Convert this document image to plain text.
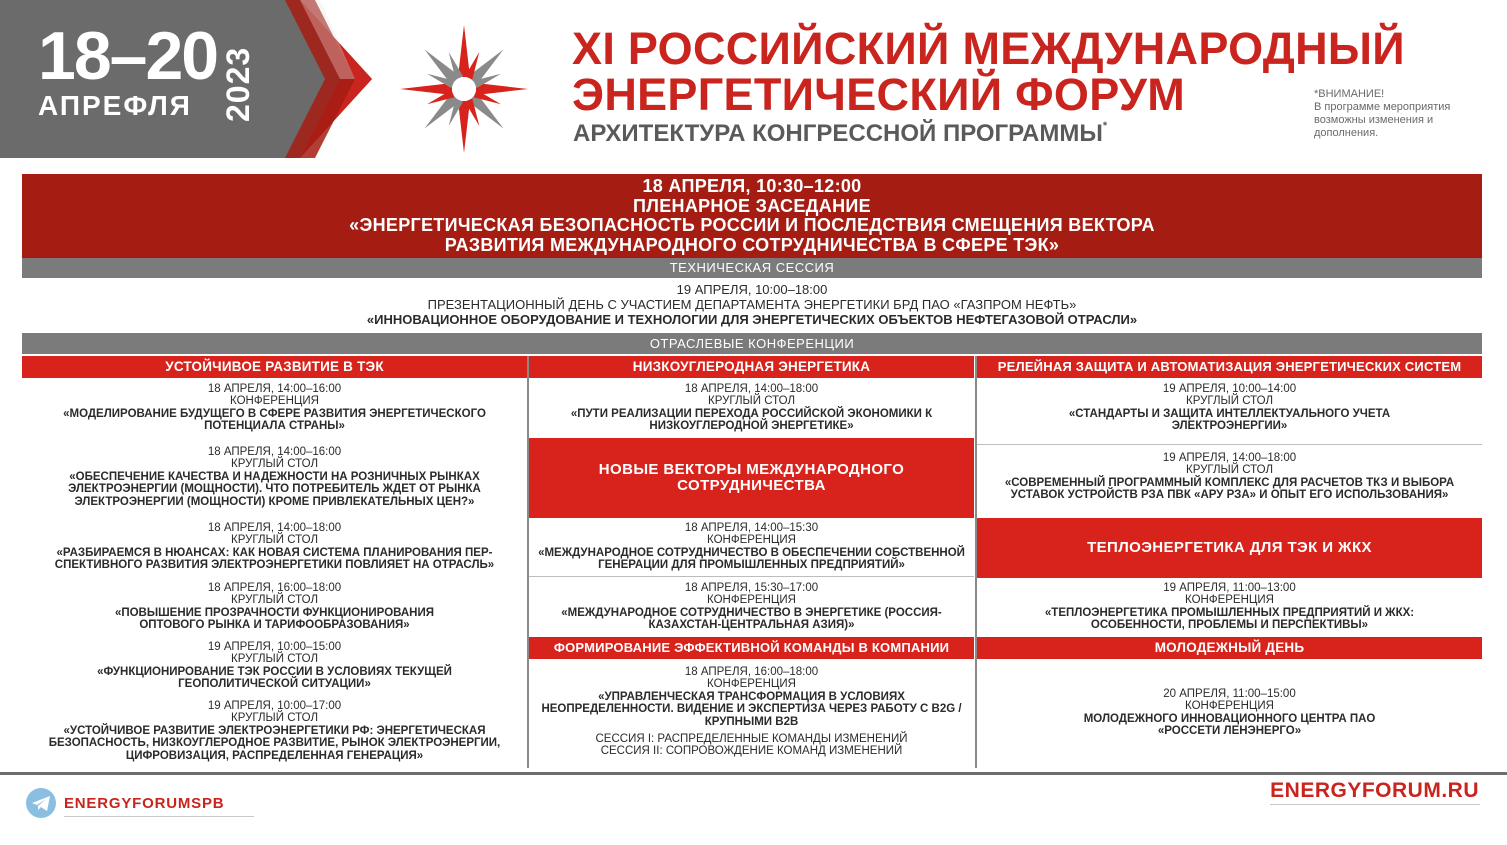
18–20
АПРЕФЛЯ 2023	XI РОССИЙСКИЙ МЕЖДУНАРОДНЫЙ
ЭНЕРГЕТИЧЕСКИЙ ФОРУМ
АРХИТЕКТУРА КОНГРЕССНОЙ ПРОГРАММЫ*
*ВНИМАНИЕ!
В программе мероприятия возможны изменения и дополнения.
18 АПРЕЛЯ, 10:30–12:00
ПЛЕНАРНОЕ ЗАСЕДАНИЕ
«ЭНЕРГЕТИЧЕСКАЯ БЕЗОПАСНОСТЬ РОССИИ И ПОСЛЕДСТВИЯ СМЕЩЕНИЯ ВЕКТОРА
РАЗВИТИЯ МЕЖДУНАРОДНОГО СОТРУДНИЧЕСТВА В СФЕРЕ ТЭК»
ТЕХНИЧЕСКАЯ СЕССИЯ
19 АПРЕЛЯ, 10:00–18:00
ПРЕЗЕНТАЦИОННЫЙ ДЕНЬ С УЧАСТИЕМ ДЕПАРТАМЕНТА ЭНЕРГЕТИКИ БРД ПАО «ГАЗПРОМ НЕФТЬ»
«ИННОВАЦИОННОЕ ОБОРУДОВАНИЕ И ТЕХНОЛОГИИ ДЛЯ ЭНЕРГЕТИЧЕСКИХ ОБЪЕКТОВ НЕФТЕГАЗОВОЙ ОТРАСЛИ»
ОТРАСЛЕВЫЕ КОНФЕРЕНЦИИ
УСТОЙЧИВОЕ РАЗВИТИЕ В ТЭК
18 АПРЕЛЯ, 14:00–16:00
КОНФЕРЕНЦИЯ
«МОДЕЛИРОВАНИЕ БУДУЩЕГО В СФЕРЕ РАЗВИТИЯ ЭНЕРГЕТИЧЕСКОГО ПОТЕНЦИАЛА СТРАНЫ»
18 АПРЕЛЯ, 14:00–16:00
КРУГЛЫЙ СТОЛ
«ОБЕСПЕЧЕНИЕ КАЧЕСТВА И НАДЕЖНОСТИ НА РОЗНИЧНЫХ РЫНКАХ ЭЛЕКТРОЭНЕРГИИ (МОЩНОСТИ). ЧТО ПОТРЕБИТЕЛЬ ЖДЕТ ОТ РЫНКА ЭЛЕКТРОЭНЕРГИИ (МОЩНОСТИ) КРОМЕ ПРИВЛЕКАТЕЛЬНЫХ ЦЕН?»
18 АПРЕЛЯ, 14:00–18:00
КРУГЛЫЙ СТОЛ
«РАЗБИРАЕМСЯ В НЮАНСАХ: КАК НОВАЯ СИСТЕМА ПЛАНИРОВАНИЯ ПЕР-СПЕКТИВНОГО РАЗВИТИЯ ЭЛЕКТРОЭНЕРГЕТИКИ ПОВЛИЯЕТ НА ОТРАСЛЬ»
18 АПРЕЛЯ, 16:00–18:00
КРУГЛЫЙ СТОЛ
«ПОВЫШЕНИЕ ПРОЗРАЧНОСТИ ФУНКЦИОНИРОВАНИЯ ОПТОВОГО РЫНКА И ТАРИФООБРАЗОВАНИЯ»
19 АПРЕЛЯ, 10:00–15:00
КРУГЛЫЙ СТОЛ
«ФУНКЦИОНИРОВАНИЕ ТЭК РОССИИ В УСЛОВИЯХ ТЕКУЩЕЙ ГЕОПОЛИТИЧЕСКОЙ СИТУАЦИИ»
19 АПРЕЛЯ, 10:00–17:00
КРУГЛЫЙ СТОЛ
«УСТОЙЧИВОЕ РАЗВИТИЕ ЭЛЕКТРОЭНЕРГЕТИКИ РФ: ЭНЕРГЕТИЧЕСКАЯ БЕЗОПАСНОСТЬ, НИЗКОУГЛЕРОДНОЕ РАЗВИТИЕ, РЫНОК ЭЛЕКТРОЭНЕРГИИ, ЦИФРОВИЗАЦИЯ, РАСПРЕДЕЛЕННАЯ ГЕНЕРАЦИЯ»
НИЗКОУГЛЕРОДНАЯ ЭНЕРГЕТИКА
18 АПРЕЛЯ, 14:00–18:00
КРУГЛЫЙ СТОЛ
«ПУТИ РЕАЛИЗАЦИИ ПЕРЕХОДА РОССИЙСКОЙ ЭКОНОМИКИ К НИЗКОУГЛЕРОДНОЙ ЭНЕРГЕТИКЕ»
НОВЫЕ ВЕКТОРЫ МЕЖДУНАРОДНОГО СОТРУДНИЧЕСТВА
18 АПРЕЛЯ, 14:00–15:30
КОНФЕРЕНЦИЯ
«МЕЖДУНАРОДНОЕ СОТРУДНИЧЕСТВО В ОБЕСПЕЧЕНИИ СОБСТВЕННОЙ ГЕНЕРАЦИИ ДЛЯ ПРОМЫШЛЕННЫХ ПРЕДПРИЯТИЙ»
18 АПРЕЛЯ, 15:30–17:00
КОНФЕРЕНЦИЯ
«МЕЖДУНАРОДНОЕ СОТРУДНИЧЕСТВО В ЭНЕРГЕТИКЕ (РОССИЯ-КАЗАХСТАН-ЦЕНТРАЛЬНАЯ АЗИЯ)»
ФОРМИРОВАНИЕ ЭФФЕКТИВНОЙ КОМАНДЫ В КОМПАНИИ
18 АПРЕЛЯ, 16:00–18:00
КОНФЕРЕНЦИЯ
«УПРАВЛЕНЧЕСКАЯ ТРАНСФОРМАЦИЯ В УСЛОВИЯХ НЕОПРЕДЕЛЕННОСТИ. ВИДЕНИЕ И ЭКСПЕРТИЗА ЧЕРЕЗ РАБОТУ С B2G / КРУПНЫМИ B2B
СЕССИЯ I: РАСПРЕДЕЛЕННЫЕ КОМАНДЫ ИЗМЕНЕНИЙ
СЕССИЯ II: СОПРОВОЖДЕНИЕ КОМАНД ИЗМЕНЕНИЙ
РЕЛЕЙНАЯ ЗАЩИТА И АВТОМАТИЗАЦИЯ ЭНЕРГЕТИЧЕСКИХ СИСТЕМ
19 АПРЕЛЯ, 10:00–14:00
КРУГЛЫЙ СТОЛ
«СТАНДАРТЫ И ЗАЩИТА ИНТЕЛЛЕКТУАЛЬНОГО УЧЕТА ЭЛЕКТРОЭНЕРГИИ»
19 АПРЕЛЯ, 14:00–18:00
КРУГЛЫЙ СТОЛ
«СОВРЕМЕННЫЙ ПРОГРАММНЫЙ КОМПЛЕКС ДЛЯ РАСЧЕТОВ ТКЗ И ВЫБОРА УСТАВОК УСТРОЙСТВ РЗА ПВК «АРУ РЗА» И ОПЫТ ЕГО ИСПОЛЬЗОВАНИЯ»
ТЕПЛОЭНЕРГЕТИКА ДЛЯ ТЭК И ЖКХ
19 АПРЕЛЯ, 11:00–13:00
КОНФЕРЕНЦИЯ
«ТЕПЛОЭНЕРГЕТИКА ПРОМЫШЛЕННЫХ ПРЕДПРИЯТИЙ И ЖКХ: ОСОБЕННОСТИ, ПРОБЛЕМЫ И ПЕРСПЕКТИВЫ»
МОЛОДЕЖНЫЙ ДЕНЬ
20 АПРЕЛЯ, 11:00–15:00
КОНФЕРЕНЦИЯ
МОЛОДЕЖНОГО ИННОВАЦИОННОГО ЦЕНТРА ПАО «РОССЕТИ ЛЕНЭНЕРГО»
ENERGYFORUMSPB
ENERGYFORUM.RU
